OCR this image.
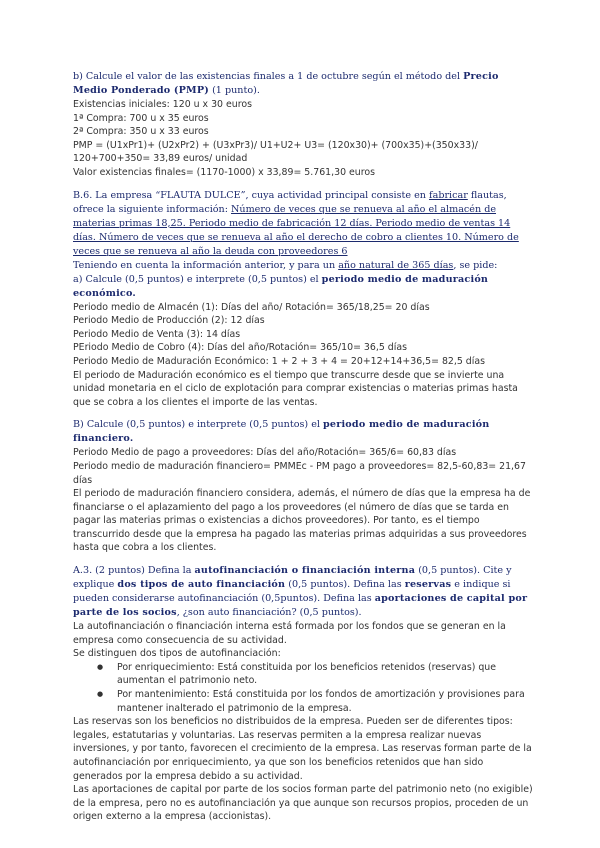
b) Calcule el valor de las existencias finales a 1 de octubre según el método del Precio Medio Ponderado (PMP) (1 punto).
Existencias iniciales: 120 u x 30 euros
1ª Compra: 700 u x 35 euros
2ª Compra: 350 u x 33 euros
PMP = (U1xPr1)+ (U2xPr2) + (U3xPr3)/ U1+U2+ U3= (120x30)+ (700x35)+(350x33)/ 120+700+350= 33,89 euros/ unidad
Valor existencias finales= (1170-1000) x 33,89= 5.761,30 euros
B.6. La empresa “FLAUTA DULCE”, cuya actividad principal consiste en fabricar flautas, ofrece la siguiente información: Número de veces que se renueva al año el almacén de materias primas 18,25. Periodo medio de fabricación 12 días. Periodo medio de ventas 14 días. Número de veces que se renueva al año el derecho de cobro a clientes 10. Número de veces que se renueva al año la deuda con proveedores 6
Teniendo en cuenta la información anterior, y para un año natural de 365 días, se pide:
a) Calcule (0,5 puntos) e interprete (0,5 puntos) el periodo medio de maduración económico.
Periodo medio de Almacén (1): Días del año/ Rotación= 365/18,25= 20 días
Periodo Medio de Producción (2): 12 días
Periodo Medio de Venta (3): 14 días
PEriodo Medio de Cobro (4): Días del año/Rotación= 365/10= 36,5 días
Periodo Medio de Maduración Económico: 1 + 2 + 3 + 4 = 20+12+14+36,5= 82,5 días
El periodo de Maduración económico es el tiempo que transcurre desde que se invierte una unidad monetaria en el ciclo de explotación para comprar existencias o materias primas hasta que se cobra a los clientes el importe de las ventas.
B) Calcule (0,5 puntos) e interprete (0,5 puntos) el periodo medio de maduración financiero.
Periodo Medio de pago a proveedores: Días del año/Rotación= 365/6= 60,83 días
Periodo medio de maduración financiero= PMMEc - PM pago a proveedores= 82,5-60,83= 21,67 días
El periodo de maduración financiero considera, además, el número de días que la empresa ha de financiarse o el aplazamiento del pago a los proveedores (el número de días que se tarda en pagar las materias primas o existencias a dichos proveedores). Por tanto, es el tiempo transcurrido desde que la empresa ha pagado las materias primas adquiridas a sus proveedores hasta que cobra a los clientes.
A.3. (2 puntos) Defina la autofinanciación o financiación interna (0,5 puntos). Cite y explique dos tipos de auto financiación (0,5 puntos). Defina las reservas e indique si pueden considerarse autofinanciación (0,5puntos). Defina las aportaciones de capital por parte de los socios, ¿son auto financiación? (0,5 puntos).
La autofinanciación o financiación interna está formada por los fondos que se generan en la empresa como consecuencia de su actividad.
Se distinguen dos tipos de autofinanciación:
● Por enriquecimiento: Está constituida por los beneficios retenidos (reservas) que aumentan el patrimonio neto.
● Por mantenimiento: Está constituida por los fondos de amortización y provisiones para mantener inalterado el patrimonio de la empresa.
Las reservas son los beneficios no distribuidos de la empresa. Pueden ser de diferentes tipos: legales, estatutarias y voluntarias. Las reservas permiten a la empresa realizar nuevas inversiones, y por tanto, favorecen el crecimiento de la empresa. Las reservas forman parte de la autofinanciación por enriquecimiento, ya que son los beneficios retenidos que han sido generados por la empresa debido a su actividad.
Las aportaciones de capital por parte de los socios forman parte del patrimonio neto (no exigible) de la empresa, pero no es autofinanciación ya que aunque son recursos propios, proceden de un origen externo a la empresa (accionistas).
